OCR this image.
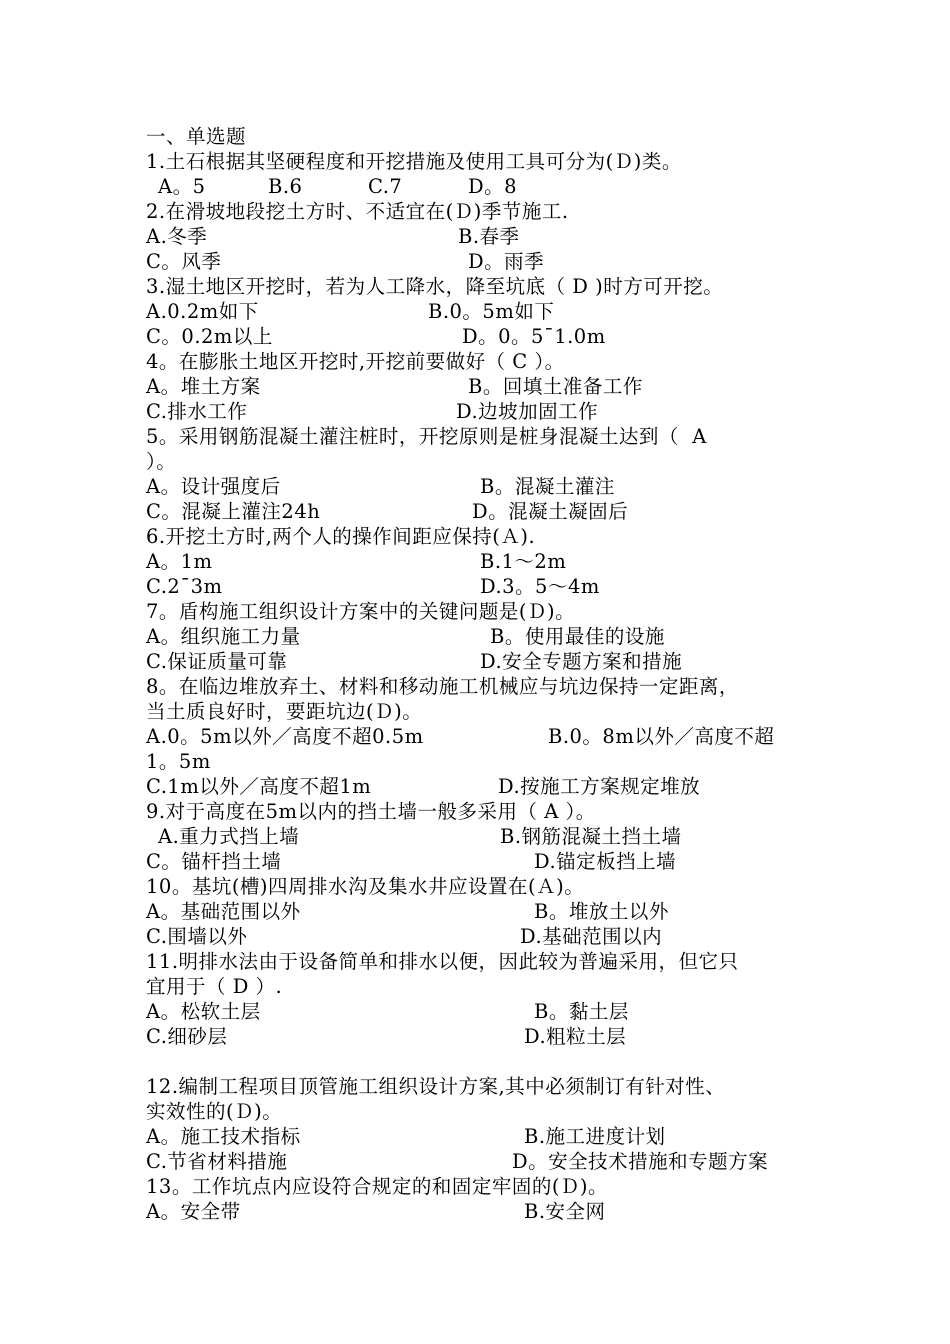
一、单选题
1.土石根据其坚硬程度和开挖措施及使用工具可分为(Ｄ)类。
A。5	B.6	C.7	D。8
2.在滑坡地段挖土方时、不适宜在(Ｄ)季节施工.
A.冬季	B.春季
C。风季	D。雨季
3.湿土地区开挖时，若为人工降水，降至坑底（ D )时方可开挖。
A.0.2m如下	B.0。5m如下
C。0.2m以上	D。0。5¯1.0m
4。在膨胀土地区开挖时,开挖前要做好（ C ）。
A。堆土方案	B。回填土准备工作
C.排水工作	D.边坡加固工作
5。采用钢筋混凝土灌注桩时，开挖原则是桩身混凝土达到（  A
）。
A。设计强度后	B。混凝土灌注
C。混凝上灌注24h	D。混凝土凝固后
6.开挖土方时,两个人的操作间距应保持(Ａ).　
A。1m	B.1～2m
C.2¯3m	D.3。5～4m
7。盾构施工组织设计方案中的关键问题是(Ｄ)。
A。组织施工力量	B。使用最佳的设施
C.保证质量可靠	D.安全专题方案和措施
8。在临边堆放弃土、材料和移动施工机械应与坑边保持一定距离，
当土质良好时，要距坑边(Ｄ)。
A.0。5m以外／高度不超0.5m	B.0。8m以外／高度不超
1。5m
C.1m以外／高度不超1m	D.按施工方案规定堆放
9.对于高度在5m以内的挡土墙一般多采用（ A ）。
A.重力式挡上墙	B.钢筋混凝土挡土墙
C。锚杆挡土墙	D.锚定板挡上墙
10。基坑(槽)四周排水沟及集水井应设置在(Ａ)。
A。基础范围以外	B。堆放土以外
C.围墙以外	D.基础范围以内
11.明排水法由于设备简单和排水以便，因此较为普遍采用，但它只
宜用于（ D ）.
A。松软土层	B。黏土层
C.细砂层	D.粗粒土层
12.编制工程项目顶管施工组织设计方案,其中必须制订有针对性、
实效性的(Ｄ)。
A。施工技术指标	B.施工进度计划
C.节省材料措施	D。安全技术措施和专题方案
13。工作坑点内应设符合规定的和固定牢固的(Ｄ)。
A。安全带	B.安全网
